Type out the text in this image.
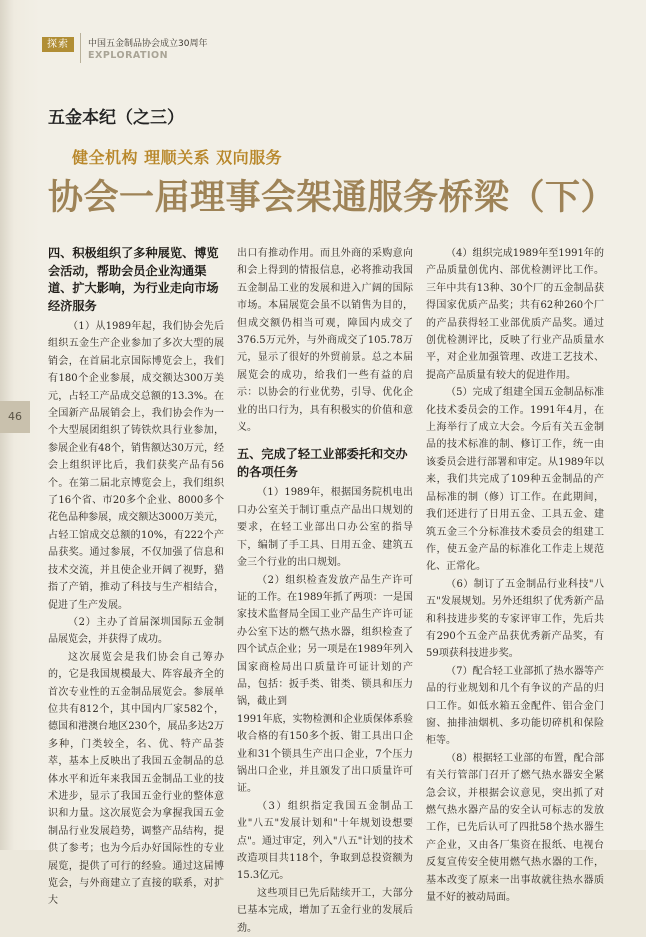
探索	中国五金制品协会成立30周年
EXPLORATION
五金本纪（之三）
健全机构 理顺关系 双向服务
协会一届理事会架通服务桥梁（下）
46
四、积极组织了多种展览、博览会活动，帮助会员企业沟通渠道、扩大影响，为行业走向市场经济服务

（1）从1989年起，我们协会先后组织五金生产企业参加了多次大型的展销会，在首届北京国际博览会上，我们有180个企业参展，成交额达300万美元，占轻工产品成交总额的13.3%。在全国新产品展销会上，我们协会作为一个大型展团组织了铸铁炊具行业参加，参展企业有48个，销售额达30万元，经会上组织评比后，我们获奖产品有56个。在第二届北京博览会上，我们组织了16个省、市20多个企业、8000多个花色品种参展，成交额达3000万美元，占轻工馆成交总额的10%，有222个产品获奖。通过参展，不仅加强了信息和技术交流，并且使企业开阔了视野，猎指了产销，推动了科技与生产相结合，促进了生产发展。

（2）主办了首届深圳国际五金制品展览会，并获得了成功。

这次展览会是我们协会自己筹办的，它是我国规模最大、阵容最齐全的首次专业性的五金制品展览会。参展单位共有812个，其中国内厂家582个，德国和港澳台地区230个，展品多达2万多种，门类较全，名、优、特产品荟萃，基本上反映出了我国五金制品的总体水平和近年来我国五金制品工业的技术进步，显示了我国五金行业的整体意识和力量。这次展览会为拿握我国五金制品行业发展趋势，调整产品结构，提供了参考；也为今后办好国际性的专业展览，提供了可行的经验。通过这届博览会，与外商建立了直接的联系，对扩大

出口有推动作用。而且外商的采购意向和会上得到的情报信息，必将推动我国五金制品工业的发展和进入广阔的国际市场。本届展览会虽不以销售为目的，但成交额仍相当可观，障国内成交了376.5万元外，与外商成交了105.78万元，显示了很好的外贸前景。总之本届展览会的成功，给我们一些有益的启示：以协会的行业优势，引导、优化企业的出口行为，具有积极实的价值和意义。

五、完成了轻工业部委托和交办的各项任务

（1）1989年，根据国务院机电出口办公室关于制订重点产品出口规划的要求，在轻工业部出口办公室的指导下，编制了手工具、日用五金、建筑五金三个行业的出口规划。

（2）组织检查发放产品生产许可证的工作。在1989年抓了两项：一是国家技术监督局全国工业产品生产许可证办公室下达的燃气热水器，组织检查了四个试点企业；另一项是在1989年列入国家商检局出口质量许可证计划的产品，包括：扳手类、钳类、锁具和压力锅，截止到

1991年底，实物检测和企业质保体系验收合格的有150多个扳、钳工具出口企业和31个锁具生产出口企业，7个压力锅出口企业，并且颁发了出口质量许可证。

（3）组织指定我国五金制品工业"八五"发展计划和"十年规划设想要点"。通过审定，列入"八五"计划的技术改造项目共118个，争取到总投资额为15.3亿元。

这些项目已先后陆续开工，大部分已基本完成，增加了五金行业的发展后劲。

（4）组织完成1989年至1991年的产品质量创优内、部优检测评比工作。三年中共有13种、30个厂的五金制品获得国家优质产品奖；共有62种260个厂的产品获得轻工业部优质产品奖。通过创优检测评比，反映了行业产品质量水平，对企业加强管理、改进工艺技术、提高产品质量有较大的促进作用。

（5）完成了组建全国五金制品标准化技术委员会的工作。1991年4月，在上海举行了成立大会。今后有关五金制品的技术标准的制、修订工作，统一由该委员会进行部署和审定。从1989年以来，我们共完成了109种五金制品的产品标准的制（修）订工作。在此期间，我们还进行了日用五金、工具五金、建筑五金三个分标准技术委员会的组建工作，使五金产品的标准化工作走上规范化、正常化。

（6）制订了五金制品行业科技"八五"发展规划。另外还组织了优秀新产品和科技进步奖的专家评审工作，先后共有290个五金产品获优秀新产品奖，有59项获科技进步奖。

（7）配合轻工业部抓了热水器等产品的行业规划和几个有争议的产品的归口工作。如低水箱五金配件、铝合金门窗、抽排油烟机、多功能切碎机和保险柜等。

（8）根据轻工业部的布置，配合部有关行管部门召开了燃气热水器安全紧急会议，并根据会议意见，突出抓了对燃气热水器产品的安全认可标志的发放工作，已先后认可了四批58个热水器生产企业，又由各厂集资在报纸、电视台反复宣传安全使用燃气热水器的工作，基本改变了原来一出事故就往热水器质量不好的被动局面。
